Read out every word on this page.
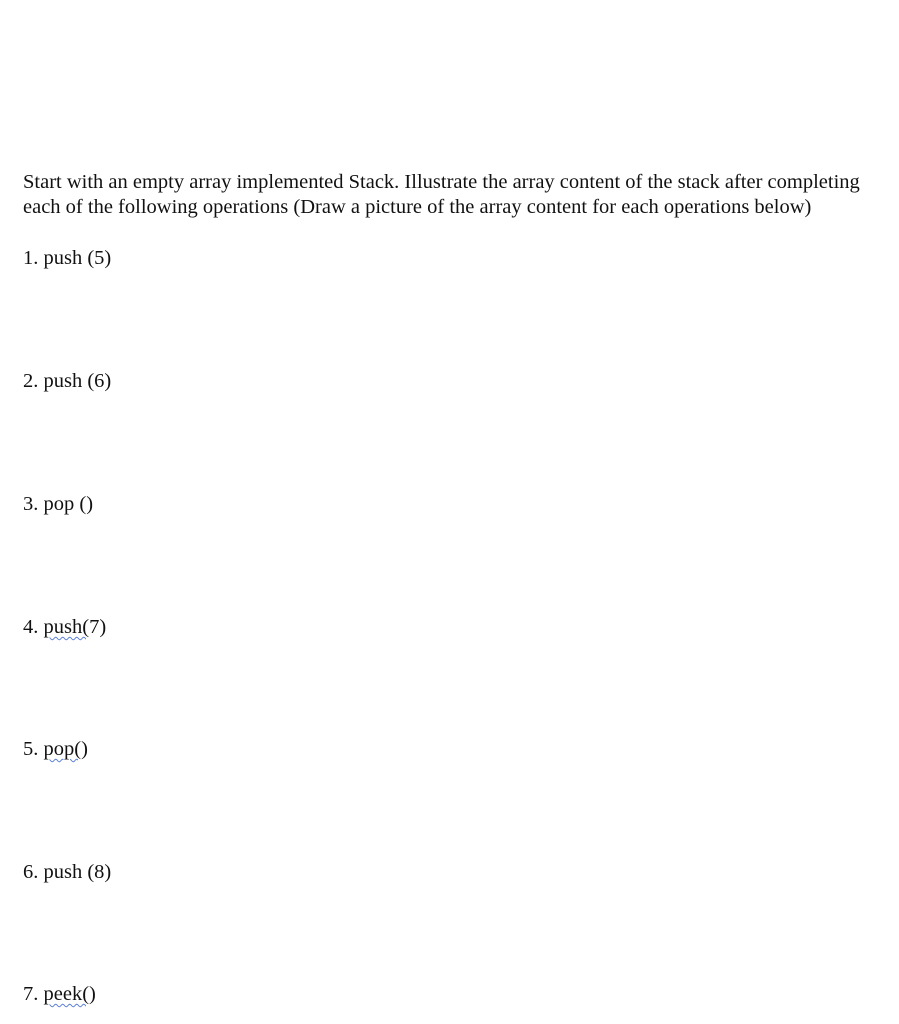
Start with an empty array implemented Stack. Illustrate the array content of the stack after completing
each of the following operations (Draw a picture of the array content for each operations below)

1. push (5)

2. push (6)

3. pop ()

4. push(7)

5. pop()

6. push (8)

7. peek()
